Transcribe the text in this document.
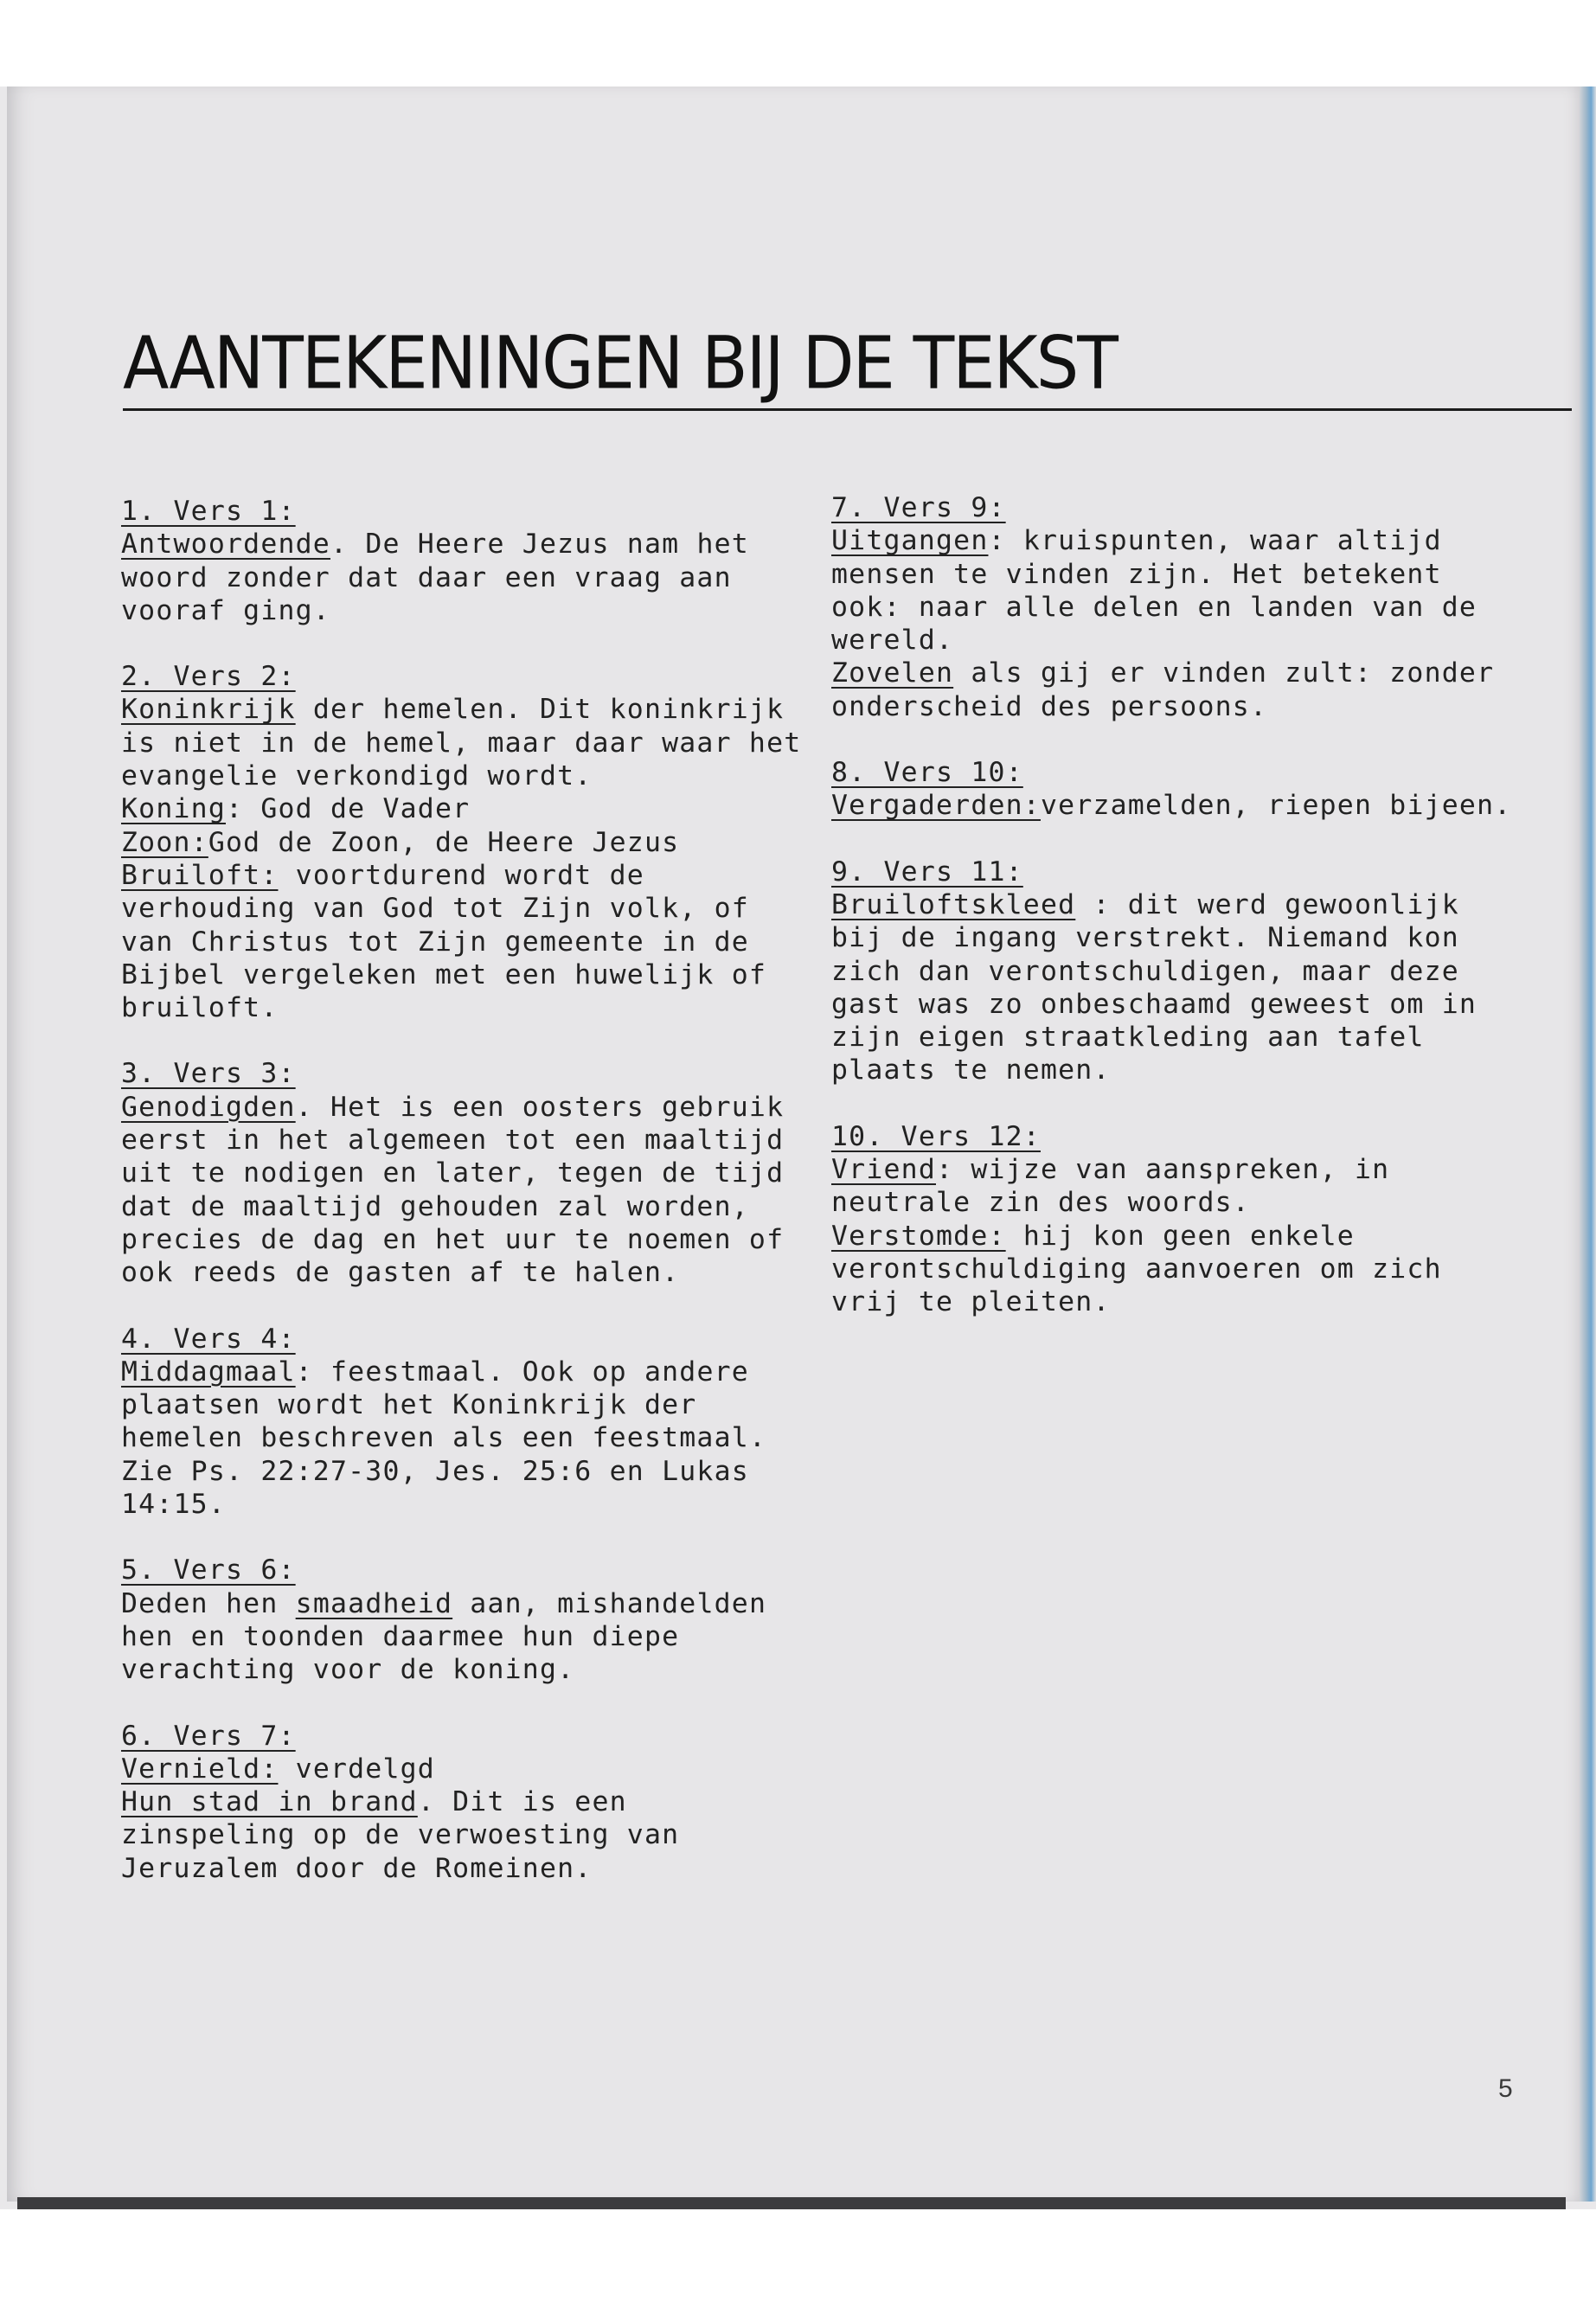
AANTEKENINGEN BIJ DE TEKST
1. Vers 1:
Antwoordende. De Heere Jezus nam het woord zonder dat daar een vraag aan vooraf ging.
2. Vers 2:
Koninkrijk der hemelen. Dit koninkrijk is niet in de hemel, maar daar waar het evangelie verkondigd wordt.
Koning: God de Vader
Zoon:God de Zoon, de Heere Jezus
Bruiloft: voortdurend wordt de verhouding van God tot Zijn volk, of van Christus tot Zijn gemeente in de Bijbel vergeleken met een huwelijk of bruiloft.
3. Vers 3:
Genodigden. Het is een oosters gebruik eerst in het algemeen tot een maaltijd uit te nodigen en later, tegen de tijd dat de maaltijd gehouden zal worden, precies de dag en het uur te noemen of ook reeds de gasten af te halen.
4. Vers 4:
Middagmaal: feestmaal. Ook op andere plaatsen wordt het Koninkrijk der hemelen beschreven als een feestmaal. Zie Ps. 22:27-30, Jes. 25:6 en Lukas 14:15.
5. Vers 6:
Deden hen smaadheid aan, mishandelden hen en toonden daarmee hun diepe verachting voor de koning.
6. Vers 7:
Vernield: verdelgd
Hun stad in brand. Dit is een zinspeling op de verwoesting van Jeruzalem door de Romeinen.
7. Vers 9:
Uitgangen: kruispunten, waar altijd mensen te vinden zijn. Het betekent ook: naar alle delen en landen van de wereld.
Zovelen als gij er vinden zult: zonder onderscheid des persoons.
8. Vers 10:
Vergaderden:verzamelden, riepen bijeen.
9. Vers 11:
Bruiloftskleed : dit werd gewoonlijk bij de ingang verstrekt. Niemand kon zich dan verontschuldigen, maar deze gast was zo onbeschaamd geweest om in zijn eigen straatkleding aan tafel plaats te nemen.
10. Vers 12:
Vriend: wijze van aanspreken, in neutrale zin des woords.
Verstomde: hij kon geen enkele verontschuldiging aanvoeren om zich vrij te pleiten.
5
